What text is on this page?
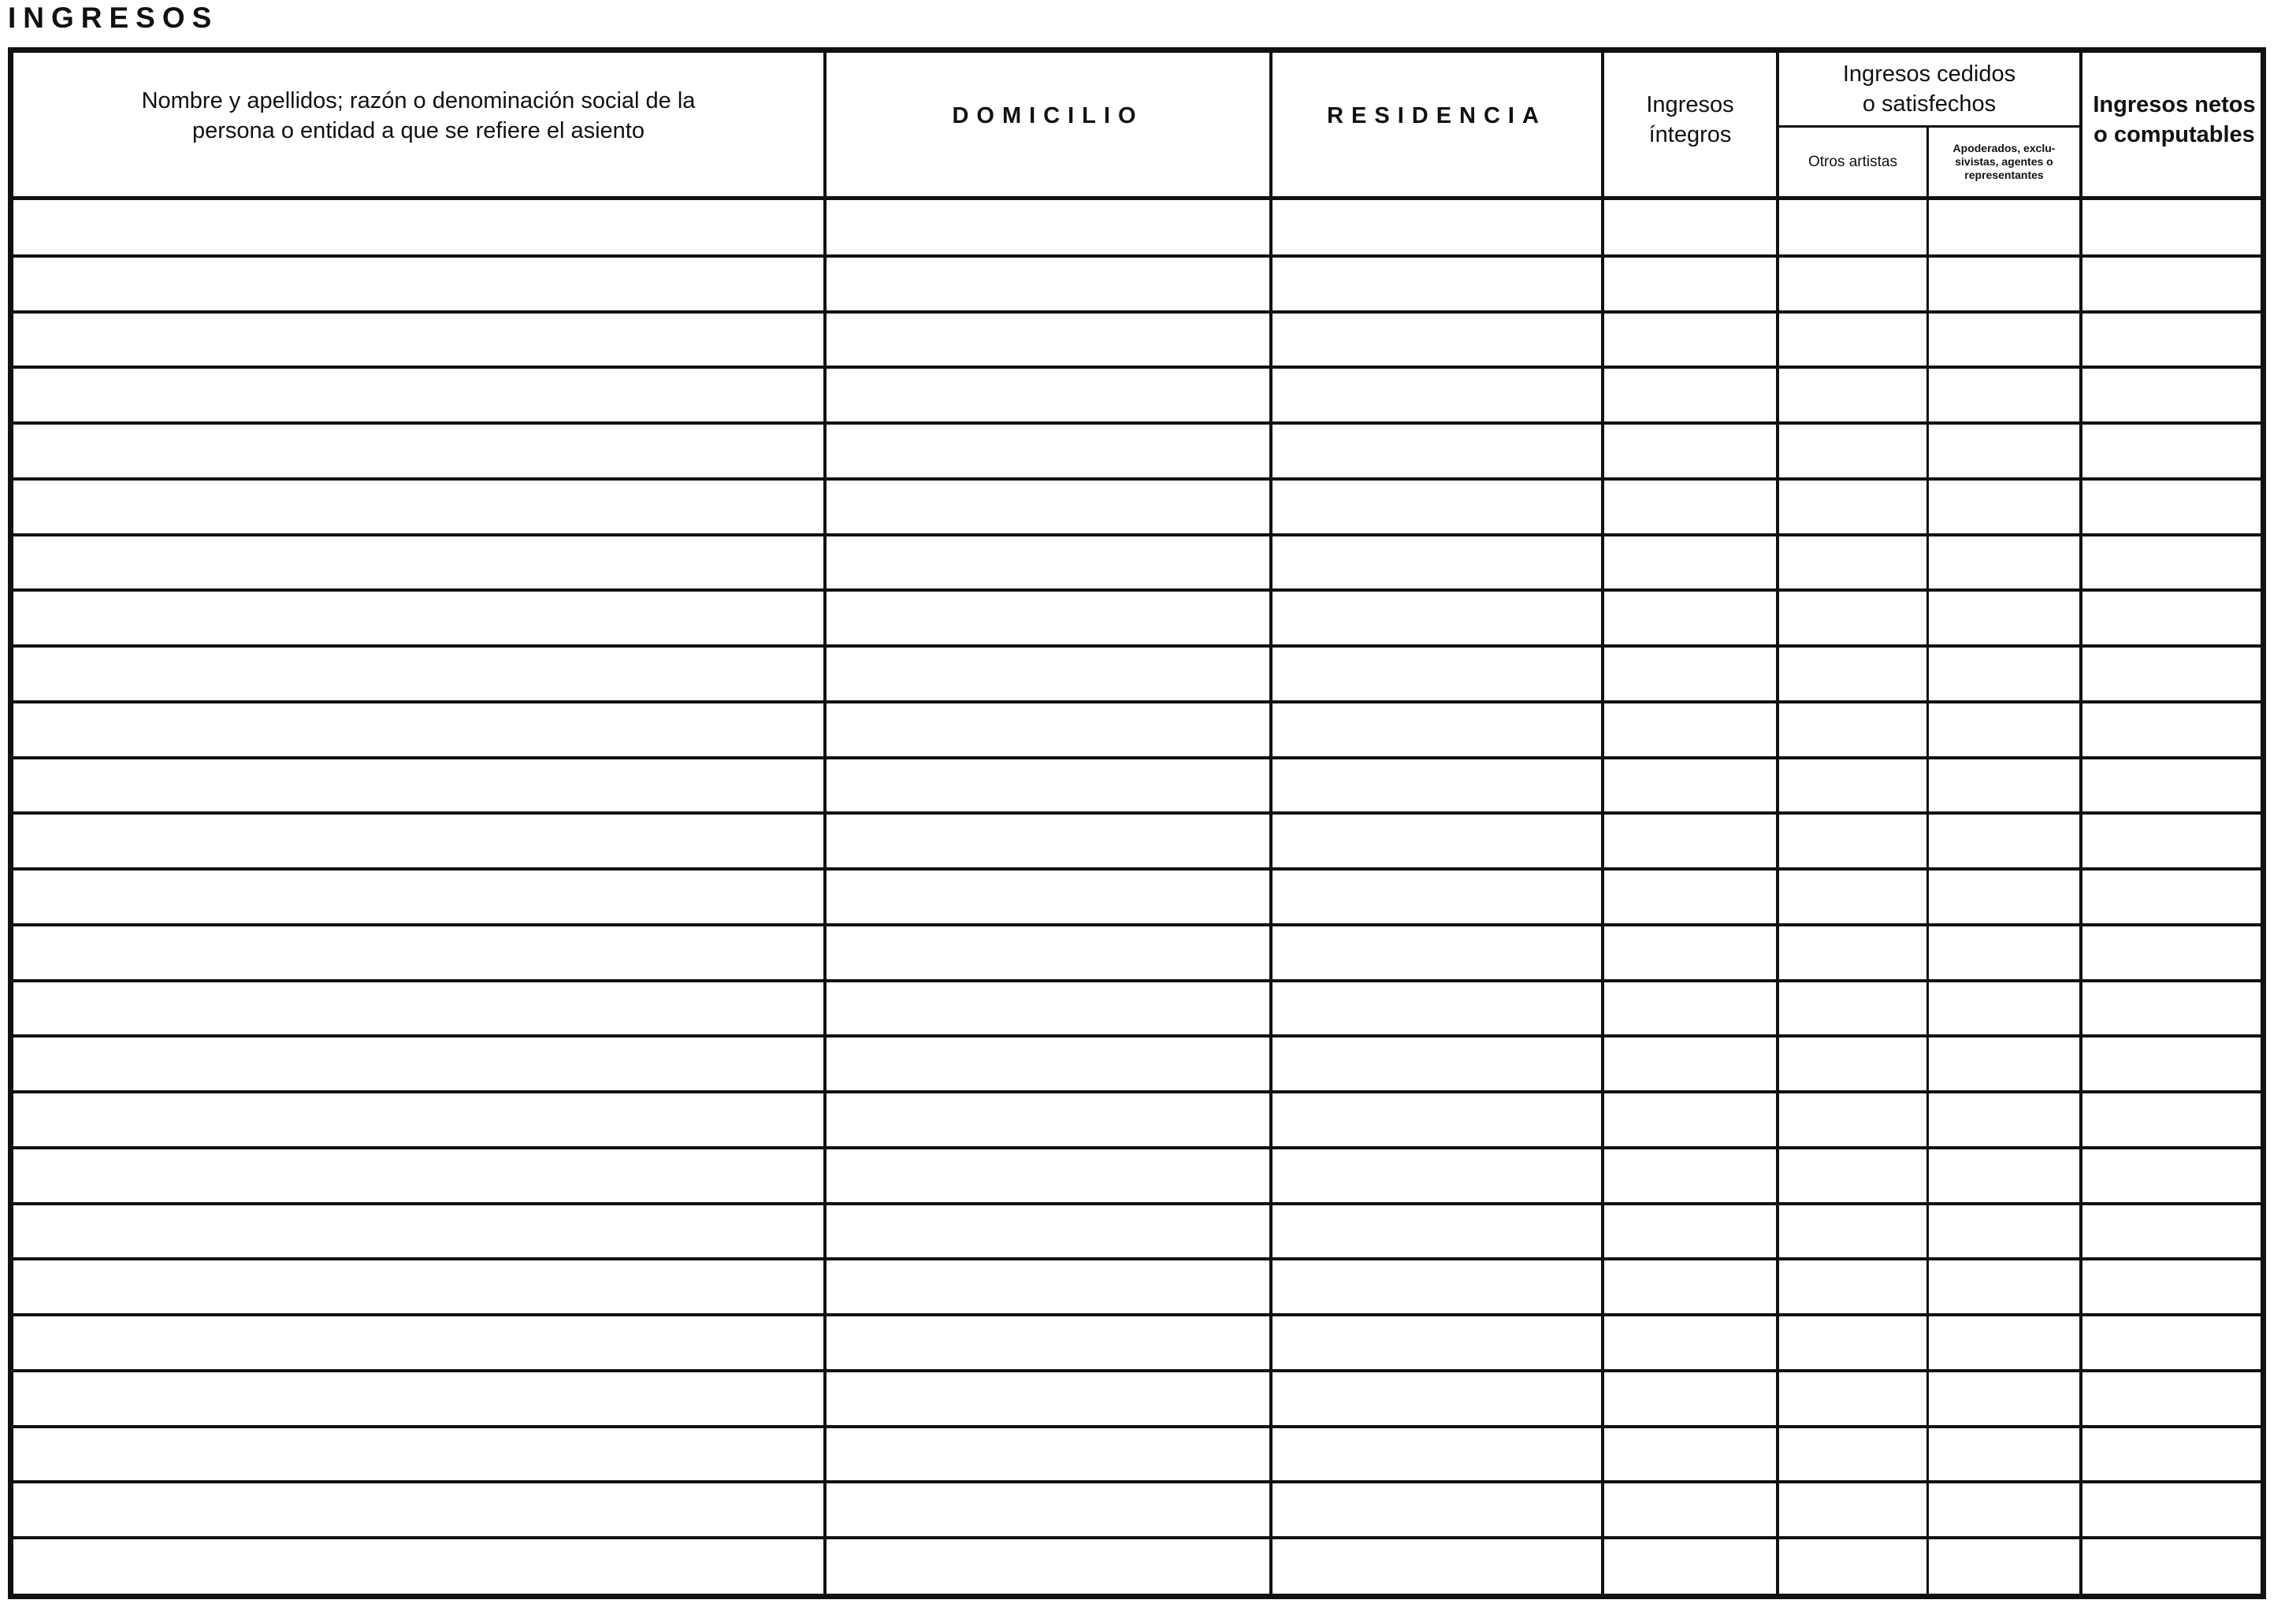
INGRESOS
Nombre y apellidos; razón o denominación social de la
persona o entidad a que se refiere el asiento
DOMICILIO	RESIDENCIA	Ingresos
íntegros
Ingresos cedidos
o satisfechos
Otros artistas
Apoderados, exclu-
sivistas, agentes o
representantes
Ingresos netos
o computables
